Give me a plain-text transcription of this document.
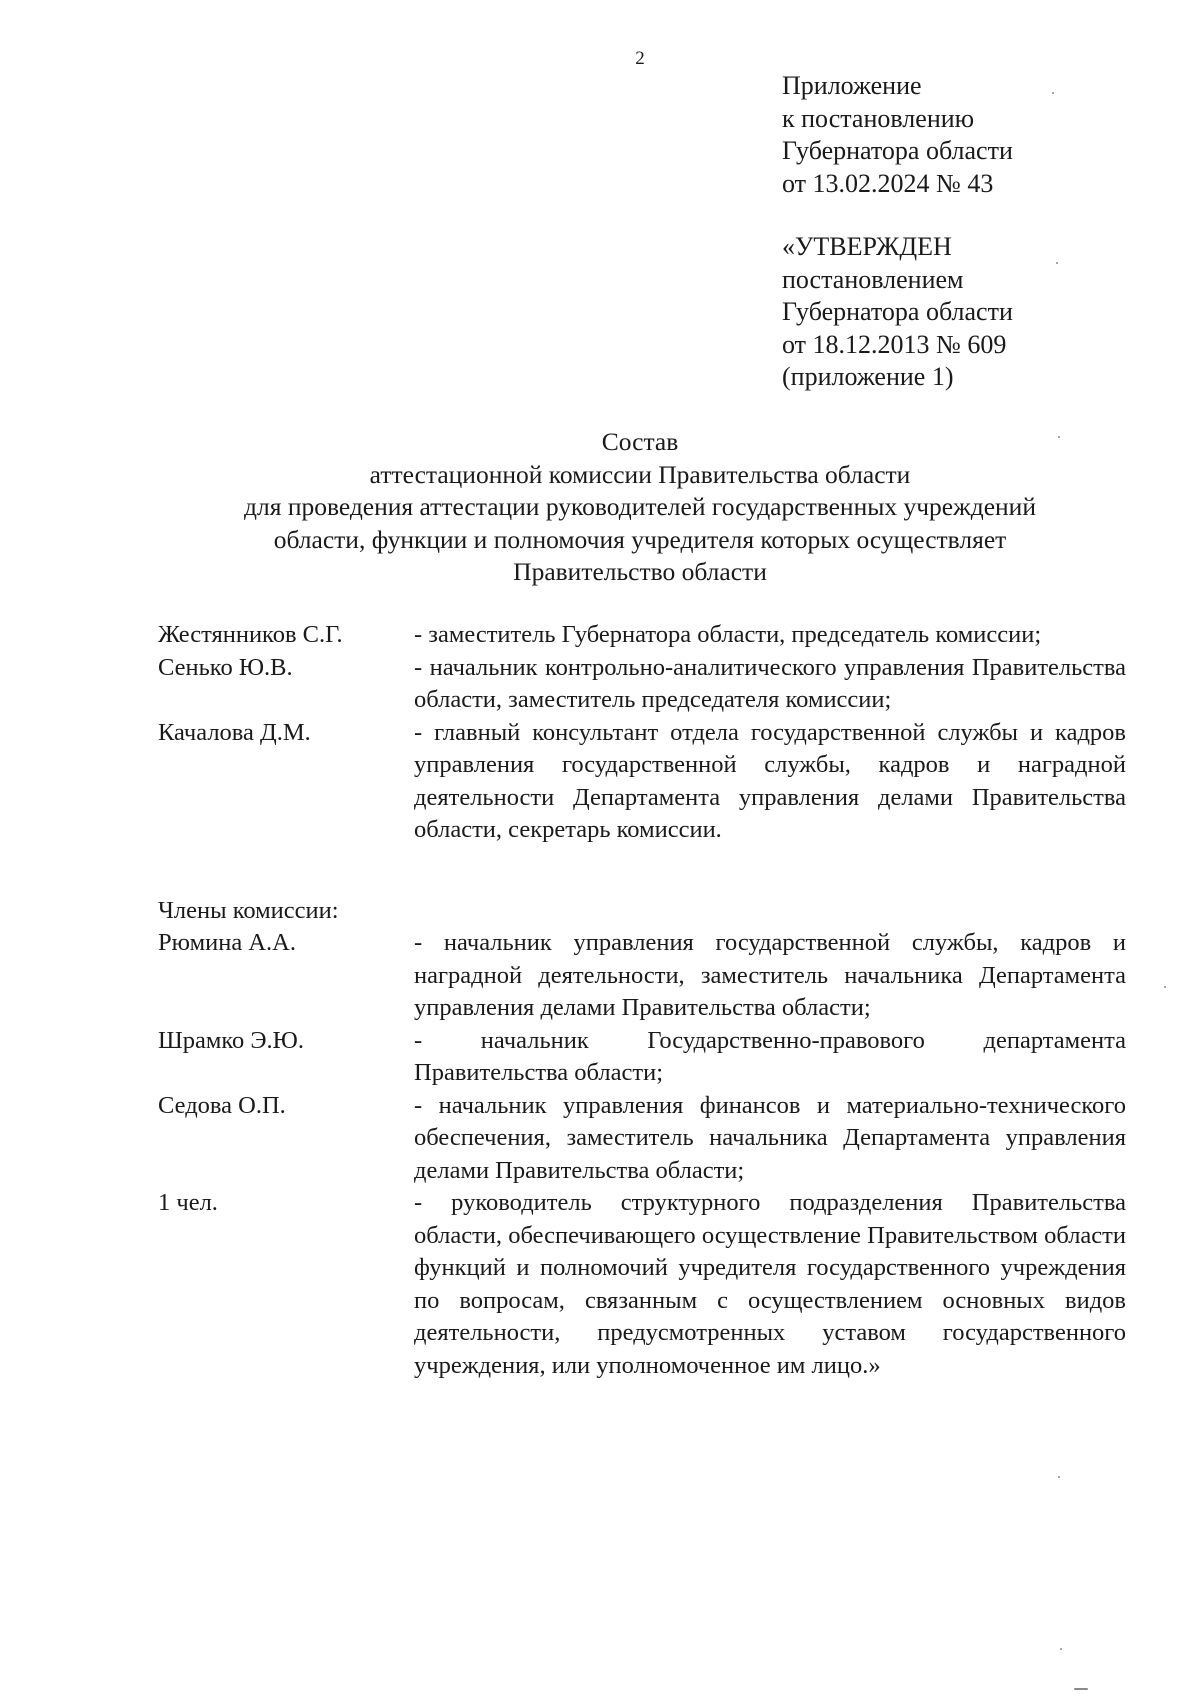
2
Приложение
к постановлению
Губернатора области
от 13.02.2024 № 43
«УТВЕРЖДЕН
постановлением
Губернатора области
от 18.12.2013 № 609
(приложение 1)
Состав
аттестационной комиссии Правительства области
для проведения аттестации руководителей государственных учреждений
области, функции и полномочия учредителя которых осуществляет
Правительство области
Жестянников С.Г.	- заместитель Губернатора области, председатель комиссии;
Сенько Ю.В.	- начальник контрольно-аналитического управления Правительства области, заместитель председателя комиссии;
Качалова Д.М.	- главный консультант отдела государственной службы и кадров управления государственной службы, кадров и наградной деятельности Департамента управления делами Правительства области, секретарь комиссии.
Члены комиссии:
Рюмина А.А.	- начальник управления государственной службы, кадров и наградной деятельности, заместитель начальника Департамента управления делами Правительства области;
Шрамко Э.Ю.	- начальник Государственно-правового департамента Правительства области;
Седова О.П.	- начальник управления финансов и материально-технического обеспечения, заместитель начальника Департамента управления делами Правительства области;
1 чел.	- руководитель структурного подразделения Правительства области, обеспечивающего осуществление Правительством области функций и полномочий учредителя государственного учреждения по вопросам, связанным с осуществлением основных видов деятельности, предусмотренных уставом государственного учреждения, или уполномоченное им лицо.»
